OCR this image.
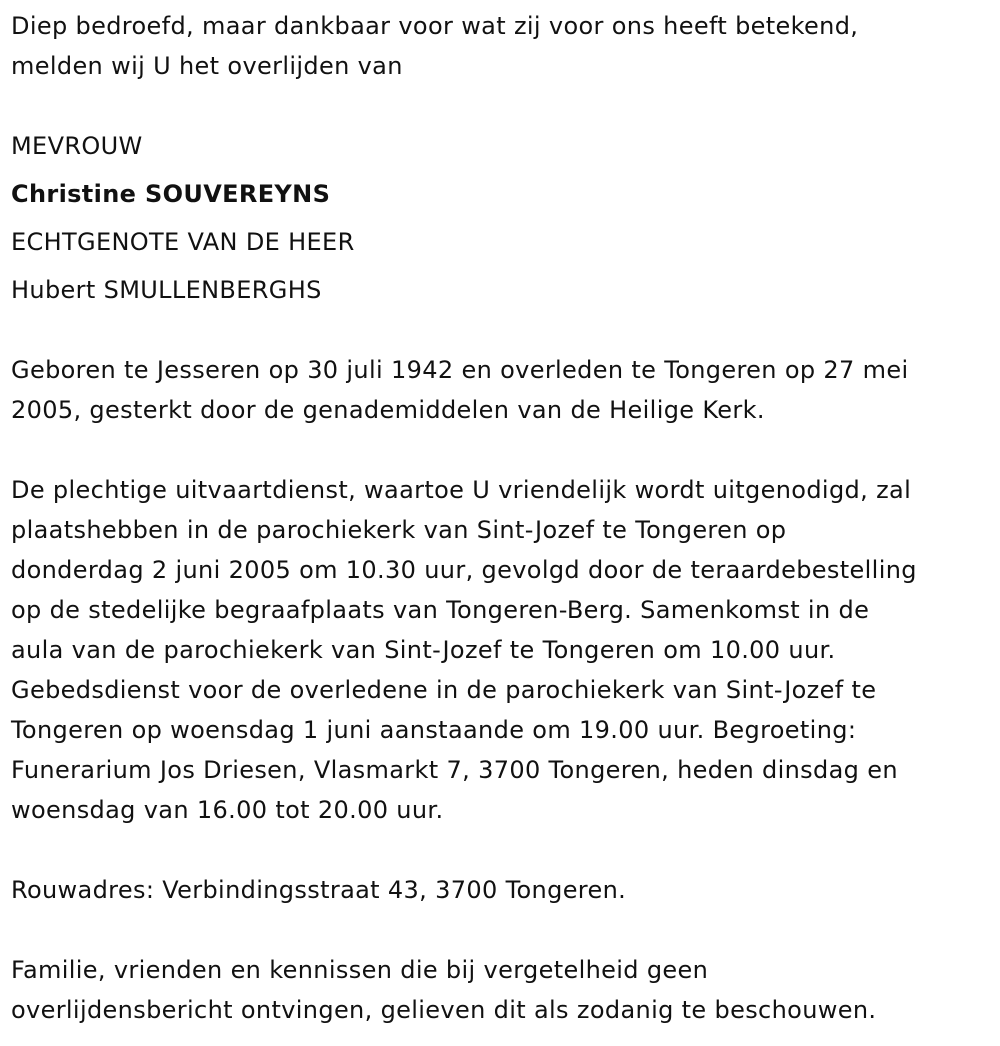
Diep bedroefd, maar dankbaar voor wat zij voor ons heeft betekend,
melden wij U het overlijden van
MEVROUW
Christine SOUVEREYNS
ECHTGENOTE VAN DE HEER
Hubert SMULLENBERGHS
Geboren te Jesseren op 30 juli 1942 en overleden te Tongeren op 27 mei
2005, gesterkt door de genademiddelen van de Heilige Kerk.
De plechtige uitvaartdienst, waartoe U vriendelijk wordt uitgenodigd, zal
plaatshebben in de parochiekerk van Sint-Jozef te Tongeren op
donderdag 2 juni 2005 om 10.30 uur, gevolgd door de teraardebestelling
op de stedelijke begraafplaats van Tongeren-Berg. Samenkomst in de
aula van de parochiekerk van Sint-Jozef te Tongeren om 10.00 uur.
Gebedsdienst voor de overledene in de parochiekerk van Sint-Jozef te
Tongeren op woensdag 1 juni aanstaande om 19.00 uur. Begroeting:
Funerarium Jos Driesen, Vlasmarkt 7, 3700 Tongeren, heden dinsdag en
woensdag van 16.00 tot 20.00 uur.
Rouwadres: Verbindingsstraat 43, 3700 Tongeren.
Familie, vrienden en kennissen die bij vergetelheid geen
overlijdensbericht ontvingen, gelieven dit als zodanig te beschouwen.
